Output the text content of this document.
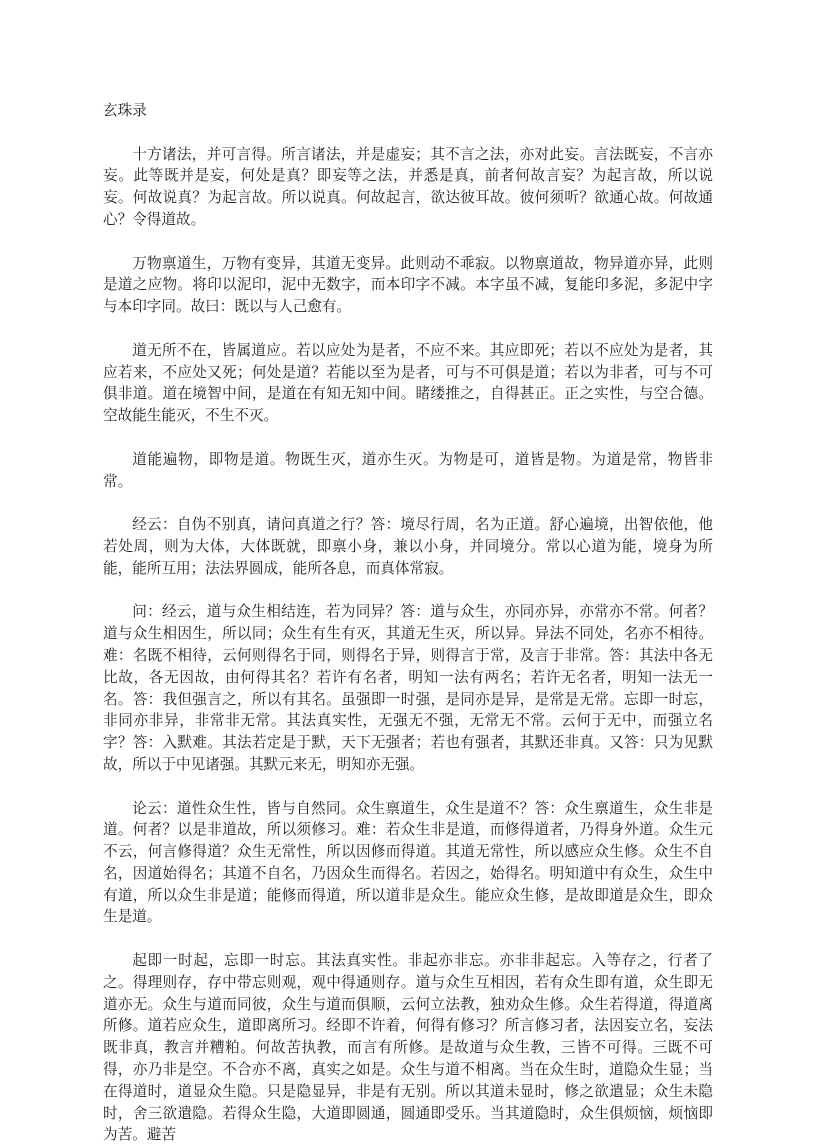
玄珠录
十方诸法，并可言得。所言诸法，并是虚妄；其不言之法，亦对此妄。言法既妄，不言亦妄。此等既并是妄，何处是真？即妄等之法，并悉是真，前者何故言妄？为起言故，所以说妄。何故说真？为起言故。所以说真。何故起言，欲达彼耳故。彼何须听？欲通心故。何故通心？令得道故。
万物禀道生，万物有变异，其道无变异。此则动不乖寂。以物禀道故，物异道亦异，此则是道之应物。将印以泥印，泥中无数字，而本印字不减。本字虽不减，复能印多泥，多泥中字与本印字同。故曰：既以与人己愈有。
道无所不在，皆属道应。若以应处为是者，不应不来。其应即死；若以不应处为是者，其应若来，不应处又死；何处是道？若能以至为是者，可与不可俱是道；若以为非者，可与不可俱非道。道在境智中间，是道在有知无知中间。睹缕推之，自得甚正。正之实性，与空合德。空故能生能灭，不生不灭。
道能遍物，即物是道。物既生灭，道亦生灭。为物是可，道皆是物。为道是常，物皆非常。
经云：自伪不别真，请问真道之行？答：境尽行周，名为正道。舒心遍境，出智依他，他若处周，则为大体，大体既就，即禀小身，兼以小身，并同境分。常以心道为能，境身为所能，能所互用；法法界圆成，能所各息，而真体常寂。
问：经云，道与众生相结连，若为同异？答：道与众生，亦同亦异，亦常亦不常。何者？道与众生相因生，所以同；众生有生有灭，其道无生灭，所以异。异法不同处，名亦不相待。难：名既不相待，云何则得名于同，则得名于异，则得言于常，及言于非常。答：其法中各无比故，各无因故，由何得其名？若许有名者，明知一法有两名；若许无名者，明知一法无一名。答：我但强言之，所以有其名。虽强即一时强，是同亦是异，是常是无常。忘即一时忘，非同亦非异，非常非无常。其法真实性，无强无不强，无常无不常。云何于无中，而强立名字？答：入默难。其法若定是于默，天下无强者；若也有强者，其默还非真。又答：只为见默故，所以于中见诸强。其默元来无，明知亦无强。
论云：道性众生性，皆与自然同。众生禀道生，众生是道不？答：众生禀道生，众生非是道。何者？以是非道故，所以须修习。难：若众生非是道，而修得道者，乃得身外道。众生元不云，何言修得道？众生无常性，所以因修而得道。其道无常性，所以感应众生修。众生不自名，因道始得名；其道不自名，乃因众生而得名。若因之，始得名。明知道中有众生，众生中有道，所以众生非是道；能修而得道，所以道非是众生。能应众生修，是故即道是众生，即众生是道。
起即一时起，忘即一时忘。其法真实性。非起亦非忘。亦非非起忘。入等存之，行者了之。得理则存，存中带忘则观，观中得通则存。道与众生互相因，若有众生即有道，众生即无道亦无。众生与道而同彼，众生与道而俱顺，云何立法教，独劝众生修。众生若得道，得道离所修。道若应众生，道即离所习。经即不许着，何得有修习？所言修习者，法因妄立名，妄法既非真，教言并糟粕。何故苦执教，而言有所修。是故道与众生教，三皆不可得。三既不可得，亦乃非是空。不合亦不离，真实之如是。众生与道不相离。当在众生时，道隐众生显；当在得道时，道显众生隐。只是隐显异，非是有无别。所以其道未显时，修之欲遣显；众生未隐时，舍三欲遣隐。若得众生隐，大道即圆通，圆通即受乐。当其道隐时，众生俱烦恼，烦恼即为苦。避苦
